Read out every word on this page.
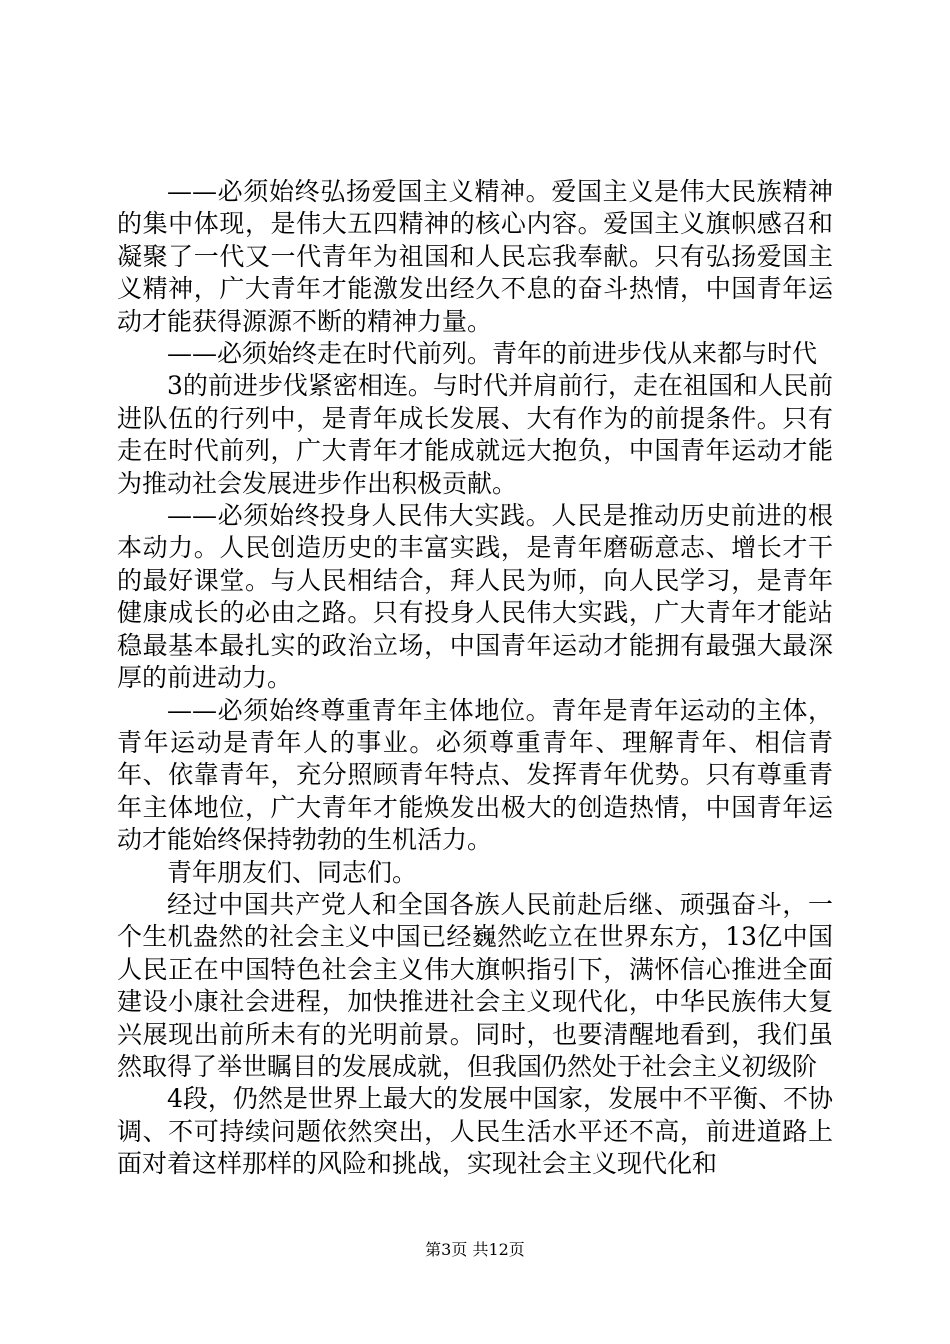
——必须始终弘扬爱国主义精神。爱国主义是伟大民族精神的集中体现，是伟大五四精神的核心内容。爱国主义旗帜感召和凝聚了一代又一代青年为祖国和人民忘我奉献。只有弘扬爱国主义精神，广大青年才能激发出经久不息的奋斗热情，中国青年运动才能获得源源不断的精神力量。

——必须始终走在时代前列。青年的前进步伐从来都与时代

3的前进步伐紧密相连。与时代并肩前行，走在祖国和人民前进队伍的行列中，是青年成长发展、大有作为的前提条件。只有走在时代前列，广大青年才能成就远大抱负，中国青年运动才能为推动社会发展进步作出积极贡献。

——必须始终投身人民伟大实践。人民是推动历史前进的根本动力。人民创造历史的丰富实践，是青年磨砺意志、增长才干的最好课堂。与人民相结合，拜人民为师，向人民学习，是青年健康成长的必由之路。只有投身人民伟大实践，广大青年才能站稳最基本最扎实的政治立场，中国青年运动才能拥有最强大最深厚的前进动力。

——必须始终尊重青年主体地位。青年是青年运动的主体，青年运动是青年人的事业。必须尊重青年、理解青年、相信青年、依靠青年，充分照顾青年特点、发挥青年优势。只有尊重青年主体地位，广大青年才能焕发出极大的创造热情，中国青年运动才能始终保持勃勃的生机活力。

青年朋友们、同志们。

经过中国共产党人和全国各族人民前赴后继、顽强奋斗，一个生机盎然的社会主义中国已经巍然屹立在世界东方，13亿中国人民正在中国特色社会主义伟大旗帜指引下，满怀信心推进全面建设小康社会进程，加快推进社会主义现代化，中华民族伟大复兴展现出前所未有的光明前景。同时，也要清醒地看到，我们虽然取得了举世瞩目的发展成就，但我国仍然处于社会主义初级阶

4段，仍然是世界上最大的发展中国家，发展中不平衡、不协调、不可持续问题依然突出，人民生活水平还不高，前进道路上面对着这样那样的风险和挑战，实现社会主义现代化和

第3页 共12页
